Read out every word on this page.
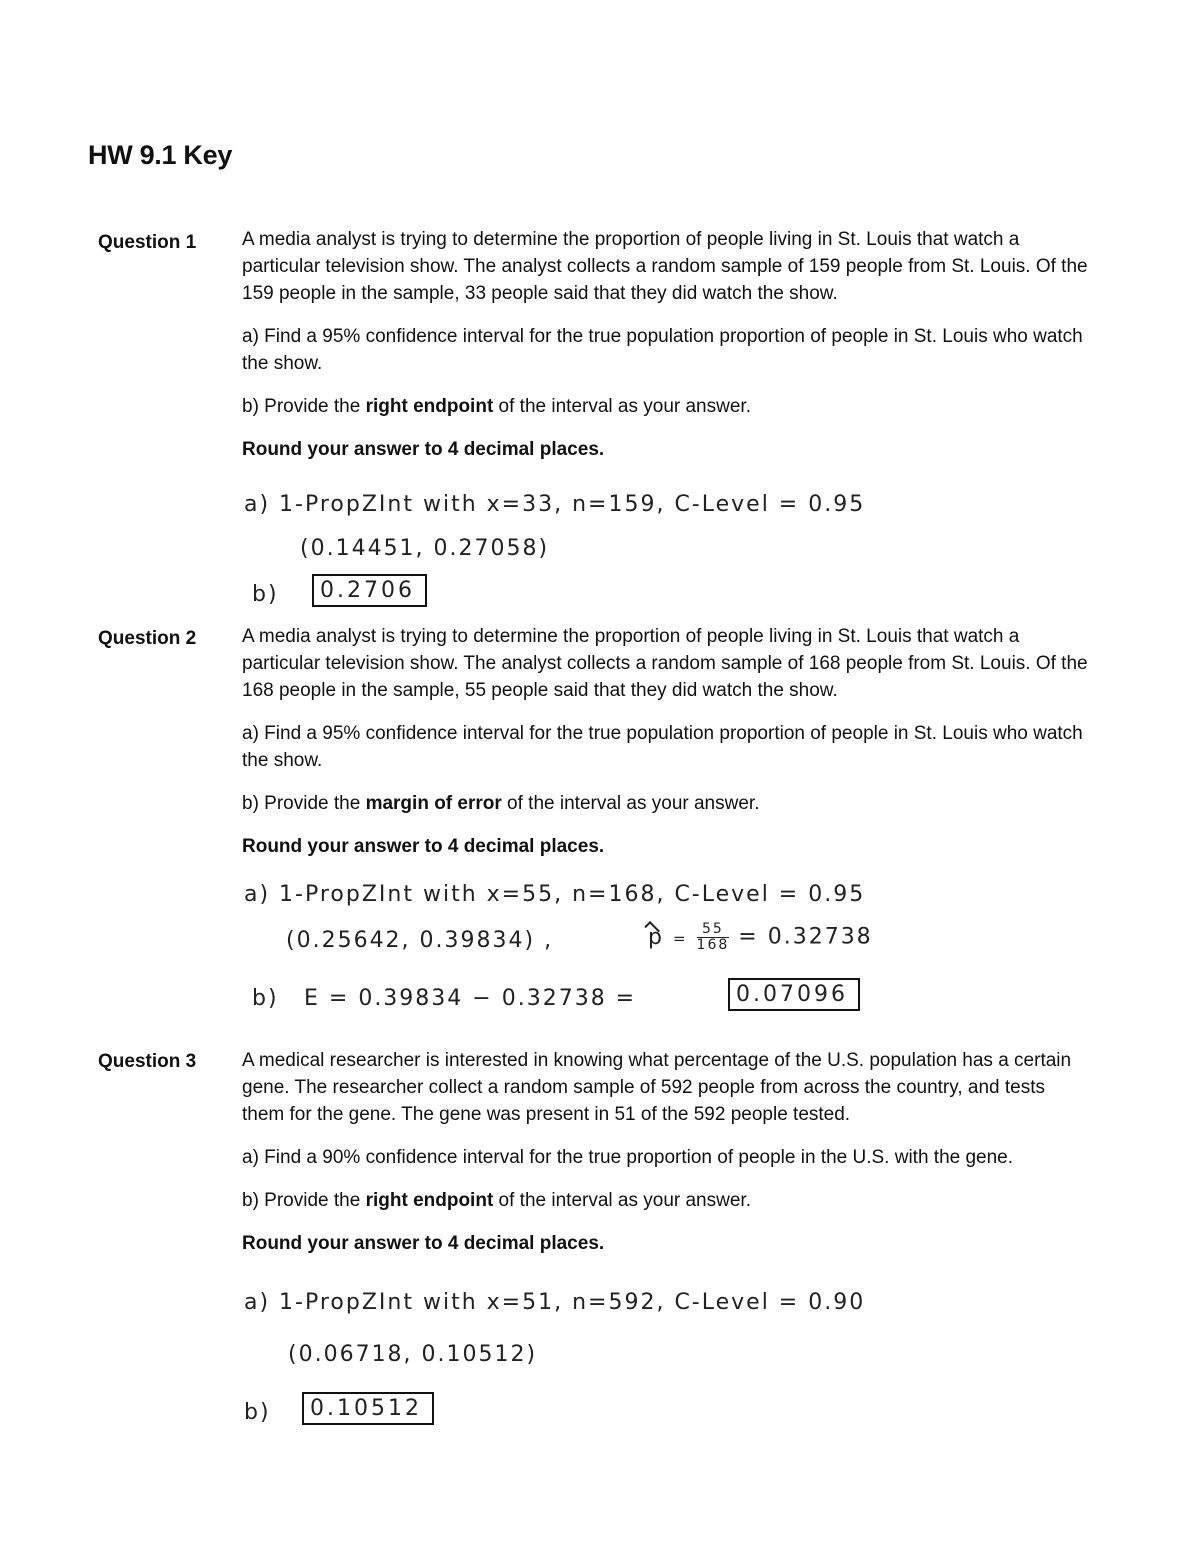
HW 9.1 Key
Question 1 A media analyst is trying to determine the proportion of people living in St. Louis that watch a particular television show. The analyst collects a random sample of 159 people from St. Louis. Of the 159 people in the sample, 33 people said that they did watch the show.

a) Find a 95% confidence interval for the true population proportion of people in St. Louis who watch the show.

b) Provide the right endpoint of the interval as your answer.

Round your answer to 4 decimal places.

a) 1-PropZInt with x=33, n=159, C-Level = 0.95
(0.14451, 0.27058)
b)	0.2706
Question 2 A media analyst is trying to determine the proportion of people living in St. Louis that watch a particular television show. The analyst collects a random sample of 168 people from St. Louis. Of the 168 people in the sample, 55 people said that they did watch the show.

a) Find a 95% confidence interval for the true population proportion of people in St. Louis who watch the show.

b) Provide the margin of error of the interval as your answer.

Round your answer to 4 decimal places.

a) 1-PropZInt with x=55, n=168, C-Level = 0.95
(0.25642, 0.39834) ,	$p = \frac{55}{168} = 0.32738$
b) E = 0.39834 − 0.32738 =	0.07096
Question 3 A medical researcher is interested in knowing what percentage of the U.S. population has a certain gene. The researcher collect a random sample of 592 people from across the country, and tests them for the gene. The gene was present in 51 of the 592 people tested.

a) Find a 90% confidence interval for the true proportion of people in the U.S. with the gene.

b) Provide the right endpoint of the interval as your answer.

Round your answer to 4 decimal places.

a) 1-PropZInt with x=51, n=592, C-Level = 0.90
(0.06718, 0.10512)
b)	0.10512
